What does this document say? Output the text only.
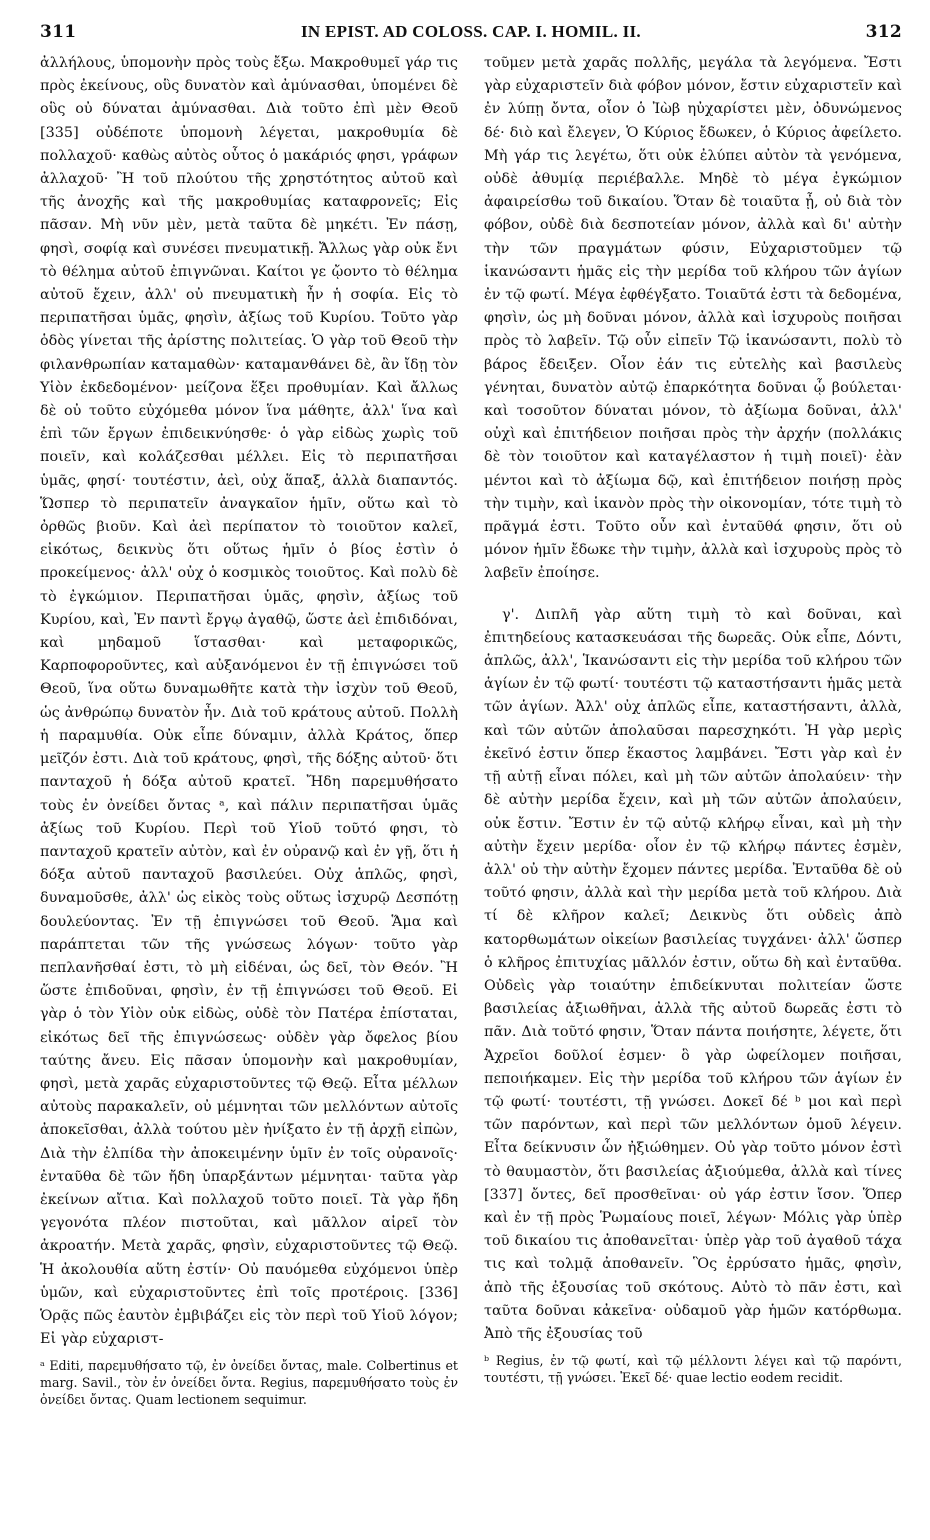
311	IN EPIST. AD COLOSS. CAP. I. HOMIL. II.	312

ἀλλήλους, ὑπομονὴν πρὸς τοὺς ἔξω. Μακροθυμεῖ γάρ τις πρὸς ἐκείνους, οὓς δυνατὸν καὶ ἀμύνασθαι, ὑπομένει δὲ οὓς οὐ δύναται ἀμύνασθαι. Διὰ τοῦτο ἐπὶ μὲν Θεοῦ [335] οὐδέποτε ὑπομονὴ λέγεται, μακροθυμία δὲ πολλαχοῦ· καθὼς αὐτὸς οὗτος ὁ μακάριός φησι, γράφων ἀλλαχοῦ· Ἢ τοῦ πλούτου τῆς χρηστότητος αὐτοῦ καὶ τῆς ἀνοχῆς καὶ τῆς μακροθυμίας καταφρονεῖς; Εἰς πᾶσαν. Μὴ νῦν μὲν, μετὰ ταῦτα δὲ μηκέτι. Ἐν πάσῃ, φησὶ, σοφίᾳ καὶ συνέσει πνευματικῇ. Ἄλλως γὰρ οὐκ ἔνι τὸ θέλημα αὐτοῦ ἐπιγνῶναι. Καίτοι γε ᾤοντο τὸ θέλημα αὐτοῦ ἔχειν, ἀλλ' οὐ πνευματικὴ ἦν ἡ σοφία. Εἰς τὸ περιπατῆσαι ὑμᾶς, φησὶν, ἀξίως τοῦ Κυρίου. Τοῦτο γὰρ ὁδὸς γίνεται τῆς ἀρίστης πολιτείας. Ὁ γὰρ τοῦ Θεοῦ τὴν φιλανθρωπίαν καταμαθὼν· καταμανθάνει δὲ, ἂν ἴδῃ τὸν Υἱὸν ἐκδεδομένον· μείζονα ἕξει προθυμίαν. Καὶ ἄλλως δὲ οὐ τοῦτο εὐχόμεθα μόνον ἵνα μάθητε, ἀλλ' ἵνα καὶ ἐπὶ τῶν ἔργων ἐπιδεικνύησθε· ὁ γὰρ εἰδὼς χωρὶς τοῦ ποιεῖν, καὶ κολάζεσθαι μέλλει. Εἰς τὸ περιπατῆσαι ὑμᾶς, φησί· τουτέστιν, ἀεὶ, οὐχ ἅπαξ, ἀλλὰ διαπαντός. Ὥσπερ τὸ περιπατεῖν ἀναγκαῖον ἡμῖν, οὕτω καὶ τὸ ὀρθῶς βιοῦν. Καὶ ἀεὶ περίπατον τὸ τοιοῦτον καλεῖ, εἰκότως, δεικνὺς ὅτι οὕτως ἡμῖν ὁ βίος ἐστὶν ὁ προκείμενος· ἀλλ' οὐχ ὁ κοσμικὸς τοιοῦτος. Καὶ πολὺ δὲ τὸ ἐγκώμιον. Περιπατῆσαι ὑμᾶς, φησὶν, ἀξίως τοῦ Κυρίου, καὶ, Ἐν παντὶ ἔργῳ ἀγαθῷ, ὥστε ἀεὶ ἐπιδιδόναι, καὶ μηδαμοῦ ἵστασθαι· καὶ μεταφορικῶς, Καρποφοροῦντες, καὶ αὐξανόμενοι ἐν τῇ ἐπιγνώσει τοῦ Θεοῦ, ἵνα οὕτω δυναμωθῆτε κατὰ τὴν ἰσχὺν τοῦ Θεοῦ, ὡς ἀνθρώπῳ δυνατὸν ἦν. Διὰ τοῦ κράτους αὐτοῦ. Πολλὴ ἡ παραμυθία. Οὐκ εἶπε δύναμιν, ἀλλὰ Κράτος, ὅπερ μεῖζόν ἐστι. Διὰ τοῦ κράτους, φησὶ, τῆς δόξης αὐτοῦ· ὅτι πανταχοῦ ἡ δόξα αὐτοῦ κρατεῖ. Ἤδη παρεμυθήσατο τοὺς ἐν ὀνείδει ὄντας ᵃ, καὶ πάλιν περιπατῆσαι ὑμᾶς ἀξίως τοῦ Κυρίου. Περὶ τοῦ Υἱοῦ τοῦτό φησι, τὸ πανταχοῦ κρατεῖν αὐτὸν, καὶ ἐν οὐρανῷ καὶ ἐν γῇ, ὅτι ἡ δόξα αὐτοῦ πανταχοῦ βασιλεύει. Οὐχ ἁπλῶς, φησὶ, δυναμοῦσθε, ἀλλ' ὡς εἰκὸς τοὺς οὕτως ἰσχυρῷ Δεσπότῃ δουλεύοντας. Ἐν τῇ ἐπιγνώσει τοῦ Θεοῦ. Ἅμα καὶ παράπτεται τῶν τῆς γνώσεως λόγων· τοῦτο γὰρ πεπλανῆσθαί ἐστι, τὸ μὴ εἰδέναι, ὡς δεῖ, τὸν Θεόν. Ἢ ὥστε ἐπιδοῦναι, φησὶν, ἐν τῇ ἐπιγνώσει τοῦ Θεοῦ. Εἰ γὰρ ὁ τὸν Υἱὸν οὐκ εἰδὼς, οὐδὲ τὸν Πατέρα ἐπίσταται, εἰκότως δεῖ τῆς ἐπιγνώσεως· οὐδὲν γὰρ ὄφελος βίου ταύτης ἄνευ. Εἰς πᾶσαν ὑπομονὴν καὶ μακροθυμίαν, φησὶ, μετὰ χαρᾶς εὐχαριστοῦντες τῷ Θεῷ. Εἶτα μέλλων αὐτοὺς παρακαλεῖν, οὐ μέμνηται τῶν μελλόντων αὐτοῖς ἀποκεῖσθαι, ἀλλὰ τούτου μὲν ἠνίξατο ἐν τῇ ἀρχῇ εἰπὼν, Διὰ τὴν ἐλπίδα τὴν ἀποκειμένην ὑμῖν ἐν τοῖς οὐρανοῖς· ἐνταῦθα δὲ τῶν ἤδη ὑπαρξάντων μέμνηται· ταῦτα γὰρ ἐκείνων αἴτια. Καὶ πολλαχοῦ τοῦτο ποιεῖ. Τὰ γὰρ ἤδη γεγονότα πλέον πιστοῦται, καὶ μᾶλλον αἱρεῖ τὸν ἀκροατήν. Μετὰ χαρᾶς, φησὶν, εὐχαριστοῦντες τῷ Θεῷ. Ἡ ἀκολουθία αὕτη ἐστίν· Οὐ παυόμεθα εὐχόμενοι ὑπὲρ ὑμῶν, καὶ εὐχαριστοῦντες ἐπὶ τοῖς προτέροις. [336] Ὁρᾷς πῶς ἑαυτὸν ἐμβιβάζει εἰς τὸν περὶ τοῦ Υἱοῦ λόγον; Εἰ γὰρ εὐχαριστ-

ᵃ Editi, παρεμυθήσατο τῷ, ἐν ὀνείδει ὄντας, male. Colbertinus et marg. Savil., τὸν ἐν ὀνείδει ὄντα. Regius, παρεμυθήσατο τοὺς ἐν ὀνείδει ὄντας. Quam lectionem sequimur.

τοῦμεν μετὰ χαρᾶς πολλῆς, μεγάλα τὰ λεγόμενα. Ἔστι γὰρ εὐχαριστεῖν διὰ φόβον μόνον, ἔστιν εὐχαριστεῖν καὶ ἐν λύπῃ ὄντα, οἷον ὁ Ἰὼβ ηὐχαρίστει μὲν, ὀδυνώμενος δέ· διὸ καὶ ἔλεγεν, Ὁ Κύριος ἔδωκεν, ὁ Κύριος ἀφείλετο. Μὴ γάρ τις λεγέτω, ὅτι οὐκ ἐλύπει αὐτὸν τὰ γενόμενα, οὐδὲ ἀθυμίᾳ περιέβαλλε. Μηδὲ τὸ μέγα ἐγκώμιον ἀφαιρείσθω τοῦ δικαίου. Ὅταν δὲ τοιαῦτα ᾖ, οὐ διὰ τὸν φόβον, οὐδὲ διὰ δεσποτείαν μόνον, ἀλλὰ καὶ δι' αὐτὴν τὴν τῶν πραγμάτων φύσιν, Εὐχαριστοῦμεν τῷ ἱκανώσαντι ἡμᾶς εἰς τὴν μερίδα τοῦ κλήρου τῶν ἁγίων ἐν τῷ φωτί. Μέγα ἐφθέγξατο. Τοιαῦτά ἐστι τὰ δεδομένα, φησὶν, ὡς μὴ δοῦναι μόνον, ἀλλὰ καὶ ἰσχυροὺς ποιῆσαι πρὸς τὸ λαβεῖν. Τῷ οὖν εἰπεῖν Τῷ ἱκανώσαντι, πολὺ τὸ βάρος ἔδειξεν. Οἷον ἐάν τις εὐτελὴς καὶ βασιλεὺς γένηται, δυνατὸν αὐτῷ ἐπαρκότητα δοῦναι ᾧ βούλεται· καὶ τοσοῦτον δύναται μόνον, τὸ ἀξίωμα δοῦναι, ἀλλ' οὐχὶ καὶ ἐπιτήδειον ποιῆσαι πρὸς τὴν ἀρχήν (πολλάκις δὲ τὸν τοιοῦτον καὶ καταγέλαστον ἡ τιμὴ ποιεῖ)· ἐὰν μέντοι καὶ τὸ ἀξίωμα δῷ, καὶ ἐπιτήδειον ποιήσῃ πρὸς τὴν τιμὴν, καὶ ἱκανὸν πρὸς τὴν οἰκονομίαν, τότε τιμὴ τὸ πρᾶγμά ἐστι. Τοῦτο οὖν καὶ ἐνταῦθά φησιν, ὅτι οὐ μόνον ἡμῖν ἔδωκε τὴν τιμὴν, ἀλλὰ καὶ ἰσχυροὺς πρὸς τὸ λαβεῖν ἐποίησε.

γ'. Διπλῆ γὰρ αὕτη τιμὴ τὸ καὶ δοῦναι, καὶ ἐπιτηδείους κατασκευάσαι τῆς δωρεᾶς. Οὐκ εἶπε, Δόντι, ἁπλῶς, ἀλλ', Ἱκανώσαντι εἰς τὴν μερίδα τοῦ κλήρου τῶν ἁγίων ἐν τῷ φωτί· τουτέστι τῷ καταστήσαντι ἡμᾶς μετὰ τῶν ἁγίων. Ἀλλ' οὐχ ἁπλῶς εἶπε, καταστήσαντι, ἀλλὰ, καὶ τῶν αὐτῶν ἀπολαῦσαι παρεσχηκότι. Ἡ γὰρ μερὶς ἐκεῖνό ἐστιν ὅπερ ἕκαστος λαμβάνει. Ἔστι γὰρ καὶ ἐν τῇ αὐτῇ εἶναι πόλει, καὶ μὴ τῶν αὐτῶν ἀπολαύειν· τὴν δὲ αὐτὴν μερίδα ἔχειν, καὶ μὴ τῶν αὐτῶν ἀπολαύειν, οὐκ ἔστιν. Ἔστιν ἐν τῷ αὐτῷ κλήρῳ εἶναι, καὶ μὴ τὴν αὐτὴν ἔχειν μερίδα· οἷον ἐν τῷ κλήρῳ πάντες ἐσμὲν, ἀλλ' οὐ τὴν αὐτὴν ἔχομεν πάντες μερίδα. Ἐνταῦθα δὲ οὐ τοῦτό φησιν, ἀλλὰ καὶ τὴν μερίδα μετὰ τοῦ κλήρου. Διὰ τί δὲ κλῆρον καλεῖ; Δεικνὺς ὅτι οὐδεὶς ἀπὸ κατορθωμάτων οἰκείων βασιλείας τυγχάνει· ἀλλ' ὥσπερ ὁ κλῆρος ἐπιτυχίας μᾶλλόν ἐστιν, οὕτω δὴ καὶ ἐνταῦθα. Οὐδεὶς γὰρ τοιαύτην ἐπιδείκνυται πολιτείαν ὥστε βασιλείας ἀξιωθῆναι, ἀλλὰ τῆς αὐτοῦ δωρεᾶς ἐστι τὸ πᾶν. Διὰ τοῦτό φησιν, Ὅταν πάντα ποιήσητε, λέγετε, ὅτι Ἀχρεῖοι δοῦλοί ἐσμεν· ὃ γὰρ ὠφείλομεν ποιῆσαι, πεποιήκαμεν. Εἰς τὴν μερίδα τοῦ κλήρου τῶν ἁγίων ἐν τῷ φωτί· τουτέστι, τῇ γνώσει. Δοκεῖ δέ ᵇ μοι καὶ περὶ τῶν παρόντων, καὶ περὶ τῶν μελλόντων ὁμοῦ λέγειν. Εἶτα δείκνυσιν ὧν ἠξιώθημεν. Οὐ γὰρ τοῦτο μόνον ἐστὶ τὸ θαυμαστὸν, ὅτι βασιλείας ἀξιούμεθα, ἀλλὰ καὶ τίνες [337] ὄντες, δεῖ προσθεῖναι· οὐ γάρ ἐστιν ἴσον. Ὅπερ καὶ ἐν τῇ πρὸς Ῥωμαίους ποιεῖ, λέγων· Μόλις γὰρ ὑπὲρ τοῦ δικαίου τις ἀποθανεῖται· ὑπὲρ γὰρ τοῦ ἀγαθοῦ τάχα τις καὶ τολμᾷ ἀποθανεῖν. Ὃς ἐρρύσατο ἡμᾶς, φησὶν, ἀπὸ τῆς ἐξουσίας τοῦ σκότους. Αὐτὸ τὸ πᾶν ἐστι, καὶ ταῦτα δοῦναι κἀκεῖνα· οὐδαμοῦ γὰρ ἡμῶν κατόρθωμα. Ἀπὸ τῆς ἐξουσίας τοῦ

ᵇ Regius, ἐν τῷ φωτί, καὶ τῷ μέλλοντι λέγει καὶ τῷ παρόντι, τουτέστι, τῇ γνώσει. Ἐκεῖ δέ· quae lectio eodem recidit.
